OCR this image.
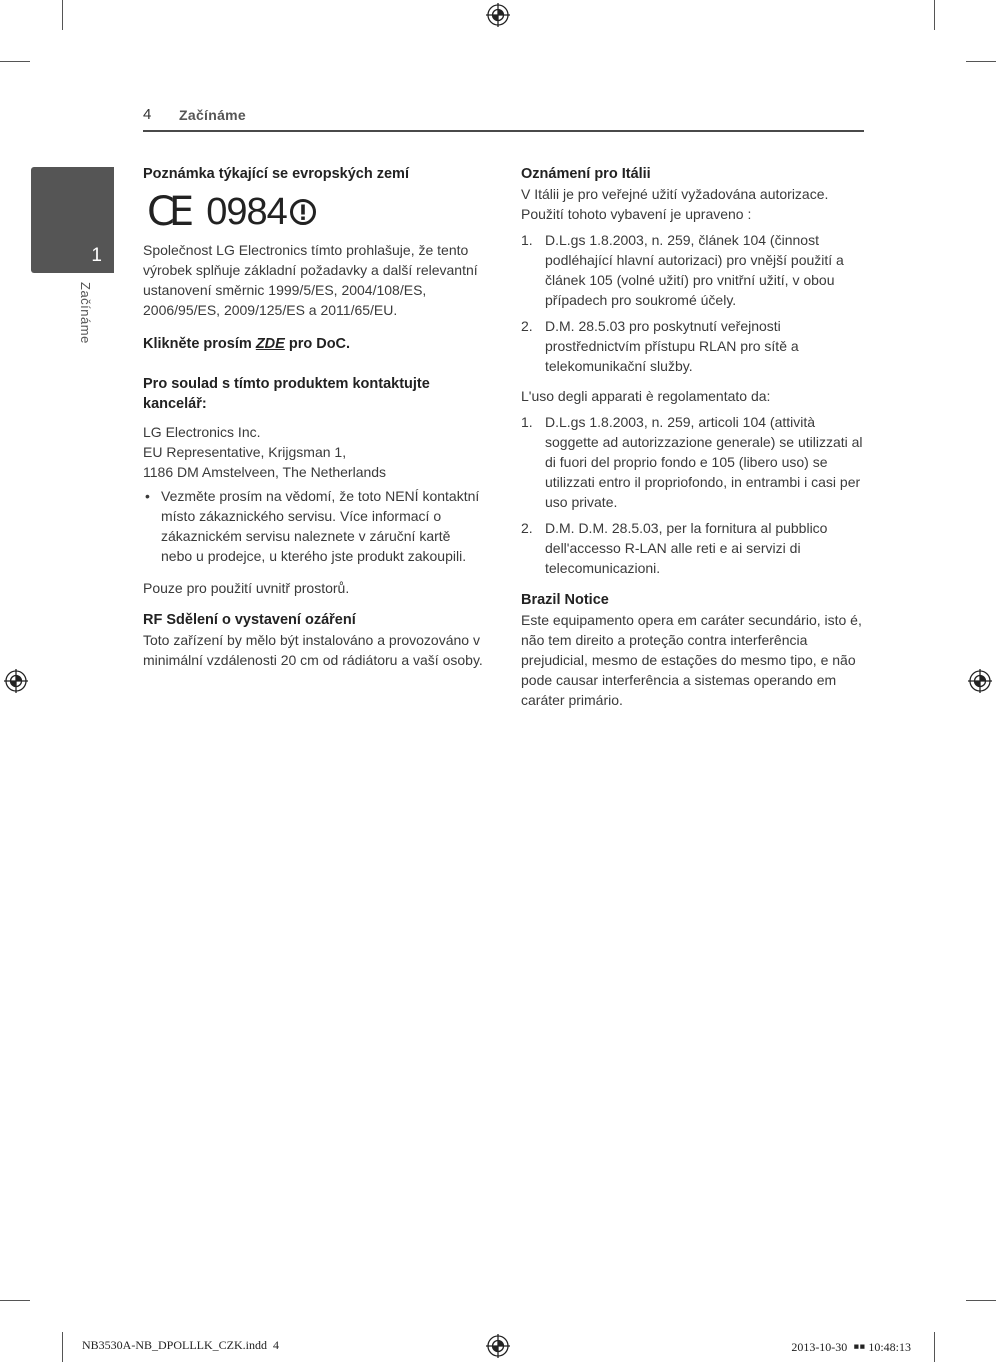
4 Začínáme
1
Začínáme

Poznámka týkající se evropských zemí

CE 0984

Společnost LG Electronics tímto prohlašuje, že tento výrobek splňuje základní požadavky a další relevantní ustanovení směrnic 1999/5/ES, 2004/108/ES, 2006/95/ES, 2009/125/ES a 2011/65/EU.

Klikněte prosím ZDE pro DoC.

Pro soulad s tímto produktem kontaktujte kancelář:

LG Electronics Inc.

EU Representative, Krijgsman 1,

1186 DM Amstelveen, The Netherlands

• Vezměte prosím na vědomí, že toto NENÍ kontaktní místo zákaznického servisu. Více informací o zákaznickém servisu naleznete v záruční kartě nebo u prodejce, u kterého jste produkt zakoupili.

Pouze pro použití uvnitř prostorů.

RF Sdělení o vystavení ozáření

Toto zařízení by mělo být instalováno a provozováno v minimální vzdálenosti 20 cm od rádiátoru a vaší osoby.

Oznámení pro Itálii

V Itálii je pro veřejné užití vyžadována autorizace. Použití tohoto vybavení je upraveno :

1. D.L.gs 1.8.2003, n. 259, článek 104 (činnost podléhající hlavní autorizaci) pro vnější použití a článek 105 (volné užití) pro vnitřní užití, v obou případech pro soukromé účely.
2. D.M. 28.5.03 pro poskytnutí veřejnosti prostřednictvím přístupu RLAN pro sítě a telekomunikační služby.

L'uso degli apparati è regolamentato da:

1. D.L.gs 1.8.2003, n. 259, articoli 104 (attività soggette ad autorizzazione generale) se utilizzati al di fuori del proprio fondo e 105 (libero uso) se utilizzati entro il propriofondo, in entrambi i casi per uso private.
2. D.M. D.M. 28.5.03, per la fornitura al pubblico dell'accesso R-LAN alle reti e ai servizi di telecomunicazioni.

Brazil Notice

Este equipamento opera em caráter secundário, isto é, não tem direito a proteção contra interferência prejudicial, mesmo de estações do mesmo tipo, e não pode causar interferência a sistemas operando em caráter primário.

NB3530A-NB_DPOLLLK_CZK.indd 4	2013-10-30 ￭￭ 10:48:13
